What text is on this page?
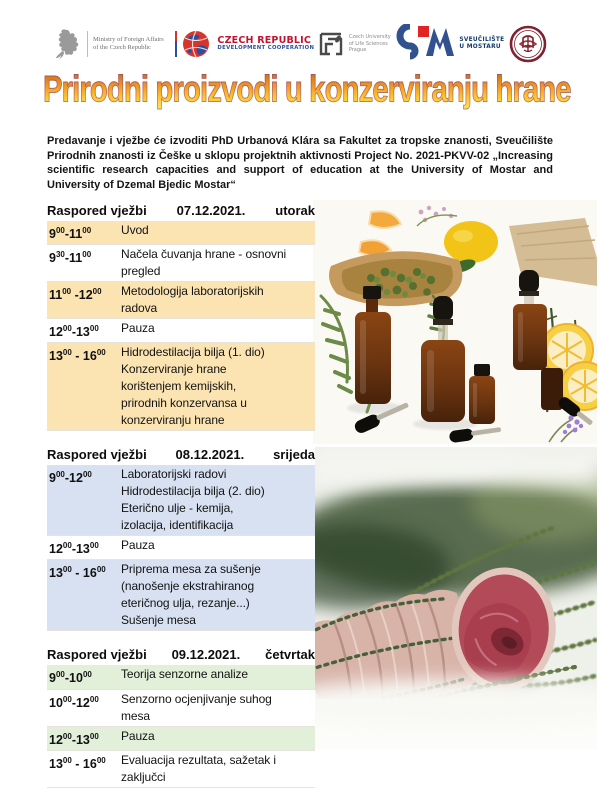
Ministry of Foreign Affairs
of the Czech Republic
CZECH REPUBLIC
DEVELOPMENT COOPERATION
Czech University of Life Sciences Prague
SVEUČILIŠTE
U MOSTARU
Prirodni proizvodi u konzerviranju hrane

Predavanje i vježbe će izvoditi PhD Urbanová Klára sa Fakultet za tropske znanosti, Sveučilište Prirodnih znanosti iz Češke u sklopu projektnih aktivnosti Project No. 2021-PKVV-02 „Increasing scientific research capacities and support of education at the University of Mostar and University of Dzemal Bjedic Mostar“

Raspored vježbi 07.12.2021. utorak
$9^{00}-11^{00}$	Uvod
$9^{30}-11^{00}$	Načela čuvanja hrane - osnovni
pregled
$11^{00}$ $-12^{00}$	Metodologija laboratorijskih
radova
$12^{00}-13^{00}$	Pauza
$13^{00} - 16^{00}$	Hidrodestilacija bilja (1. dio)
Konzerviranje hrane
korištenjem kemijskih,
prirodnih konzervansa u
konzerviranju hrane
Raspored vježbi 08.12.2021. srijeda
$9^{00}-12^{00}$	Laboratorijski radovi
Hidrodestilacija bilja (2. dio)
Eterično ulje - kemija,
izolacija, identifikacija
$12^{00}-13^{00}$	Pauza
$13^{00} - 16^{00}$	Priprema mesa za sušenje
(nanošenje ekstrahiranog
eteričnog ulja, rezanje...)
Sušenje mesa
Raspored vježbi 09.12.2021. četvrtak
$9^{00}-10^{00}$	Teorija senzorne analize
$10^{00}-12^{00}$	Senzorno ocjenjivanje suhog
mesa
$12^{00}-13^{00}$	Pauza
$13^{00} - 16^{00}$	Evaluacija rezultata, sažetak i
zaključci
